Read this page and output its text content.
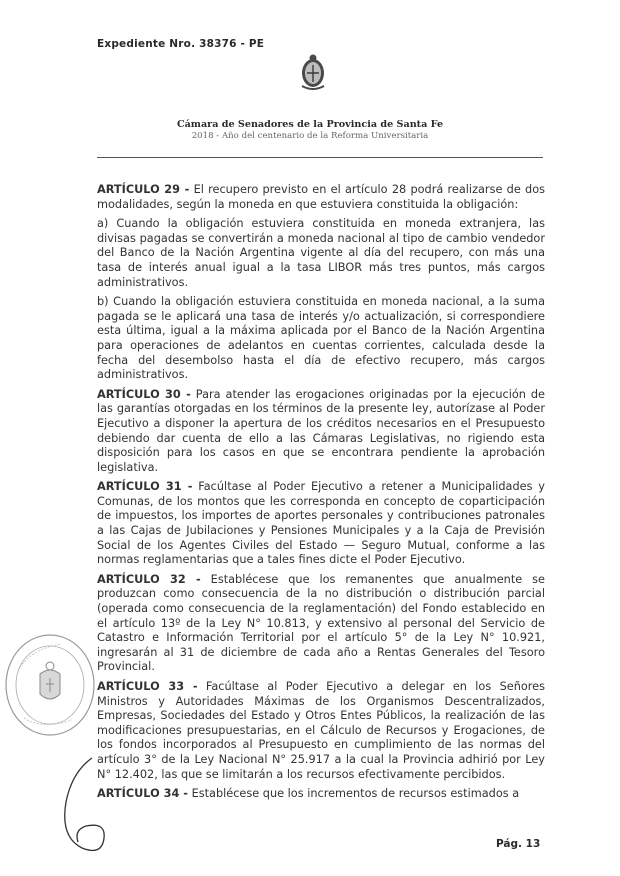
Expediente Nro. 38376 - PE
Cámara de Senadores de la Provincia de Santa Fe
2018 - Año del centenario de la Reforma Universitaria

ARTÍCULO 29 - El recupero previsto en el artículo 28 podrá realizarse de dos modalidades, según la moneda en que estuviera constituida la obligación:

a) Cuando la obligación estuviera constituida en moneda extranjera, las divisas pagadas se convertirán a moneda nacional al tipo de cambio vendedor del Banco de la Nación Argentina vigente al día del recupero, con más una tasa de interés anual igual a la tasa LIBOR más tres puntos, más cargos administrativos.

b) Cuando la obligación estuviera constituida en moneda nacional, a la suma pagada se le aplicará una tasa de interés y/o actualización, si correspondiere esta última, igual a la máxima aplicada por el Banco de la Nación Argentina para operaciones de adelantos en cuentas corrientes, calculada desde la fecha del desembolso hasta el día de efectivo recupero, más cargos administrativos.

ARTÍCULO 30 - Para atender las erogaciones originadas por la ejecución de las garantías otorgadas en los términos de la presente ley, autorízase al Poder Ejecutivo a disponer la apertura de los créditos necesarios en el Presupuesto debiendo dar cuenta de ello a las Cámaras Legislativas, no rigiendo esta disposición para los casos en que se encontrara pendiente la aprobación legislativa.

ARTÍCULO 31 - Facúltase al Poder Ejecutivo a retener a Municipalidades y Comunas, de los montos que les corresponda en concepto de coparticipación de impuestos, los importes de aportes personales y contribuciones patronales a las Cajas de Jubilaciones y Pensiones Municipales y a la Caja de Previsión Social de los Agentes Civiles del Estado — Seguro Mutual, conforme a las normas reglamentarias que a tales fines dicte el Poder Ejecutivo.

ARTÍCULO 32 - Establécese que los remanentes que anualmente se produzcan como consecuencia de la no distribución o distribución parcial (operada como consecuencia de la reglamentación) del Fondo establecido en el artículo 13º de la Ley N° 10.813, y extensivo al personal del Servicio de Catastro e Información Territorial por el artículo 5° de la Ley N° 10.921, ingresarán al 31 de diciembre de cada año a Rentas Generales del Tesoro Provincial.

ARTÍCULO 33 - Facúltase al Poder Ejecutivo a delegar en los Señores Ministros y Autoridades Máximas de los Organismos Descentralizados, Empresas, Sociedades del Estado y Otros Entes Públicos, la realización de las modificaciones presupuestarias, en el Cálculo de Recursos y Erogaciones, de los fondos incorporados al Presupuesto en cumplimiento de las normas del artículo 3° de la Ley Nacional N° 25.917 a la cual la Provincia adhirió por Ley N° 12.402, las que se limitarán a los recursos efectivamente percibidos.

ARTÍCULO 34 - Establécese que los incrementos de recursos estimados a

Pág. 13
